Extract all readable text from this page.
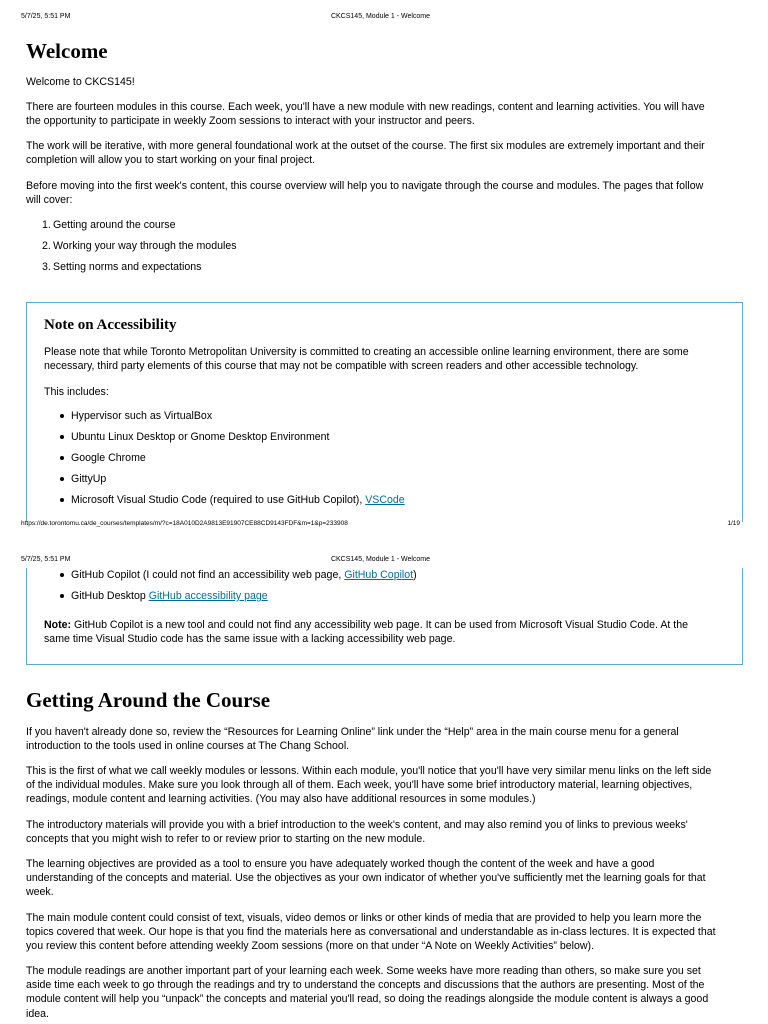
5/7/25, 5:51 PM	CKCS145, Module 1 - Welcome
Welcome

Welcome to CKCS145!

There are fourteen modules in this course. Each week, you'll have a new module with new readings, content and learning activities. You will have
the opportunity to participate in weekly Zoom sessions to interact with your instructor and peers.
The work will be iterative, with more general foundational work at the outset of the course. The first six modules are extremely important and their
completion will allow you to start working on your final project.
Before moving into the first week's content, this course overview will help you to navigate through the course and modules. The pages that follow
will cover:
1. Getting around the course
2. Working your way through the modules
3. Setting norms and expectations
Note on Accessibility
Please note that while Toronto Metropolitan University is committed to creating an accessible online learning environment, there are some
necessary, third party elements of this course that may not be compatible with screen readers and other accessible technology.

This includes:

Hypervisor such as VirtualBox
Ubuntu Linux Desktop or Gnome Desktop Environment
Google Chrome
GittyUp
Microsoft Visual Studio Code (required to use GitHub Copilot), VSCode
https://de.torontomu.ca/de_courses/templates/m/?c=18A010D2A9813E91907CE88CD9143FDF&m=1&p=233908	1/19
5/7/25, 5:51 PM	CKCS145, Module 1 - Welcome
GitHub Copilot (I could not find an accessibility web page, GitHub Copilot)
GitHub Desktop GitHub accessibility page
Note: GitHub Copilot is a new tool and could not find any accessibility web page. It can be used from Microsoft Visual Studio Code. At the
same time Visual Studio code has the same issue with a lacking accessibility web page.
Getting Around the Course
If you haven't already done so, review the “Resources for Learning Online” link under the “Help” area in the main course menu for a general
introduction to the tools used in online courses at The Chang School.
This is the first of what we call weekly modules or lessons. Within each module, you'll notice that you'll have very similar menu links on the left side
of the individual modules. Make sure you look through all of them. Each week, you'll have some brief introductory material, learning objectives,
readings, module content and learning activities. (You may also have additional resources in some modules.)
The introductory materials will provide you with a brief introduction to the week's content, and may also remind you of links to previous weeks'
concepts that you might wish to refer to or review prior to starting on the new module.
The learning objectives are provided as a tool to ensure you have adequately worked though the content of the week and have a good
understanding of the concepts and material. Use the objectives as your own indicator of whether you've sufficiently met the learning goals for that
week.
The main module content could consist of text, visuals, video demos or links or other kinds of media that are provided to help you learn more the
topics covered that week. Our hope is that you find the materials here as conversational and understandable as in-class lectures. It is expected that
you review this content before attending weekly Zoom sessions (more on that under “A Note on Weekly Activities” below).
The module readings are another important part of your learning each week. Some weeks have more reading than others, so make sure you set
aside time each week to go through the readings and try to understand the concepts and discussions that the authors are presenting. Most of the
module content will help you “unpack” the concepts and material you'll read, so doing the readings alongside the module content is always a good
idea.
